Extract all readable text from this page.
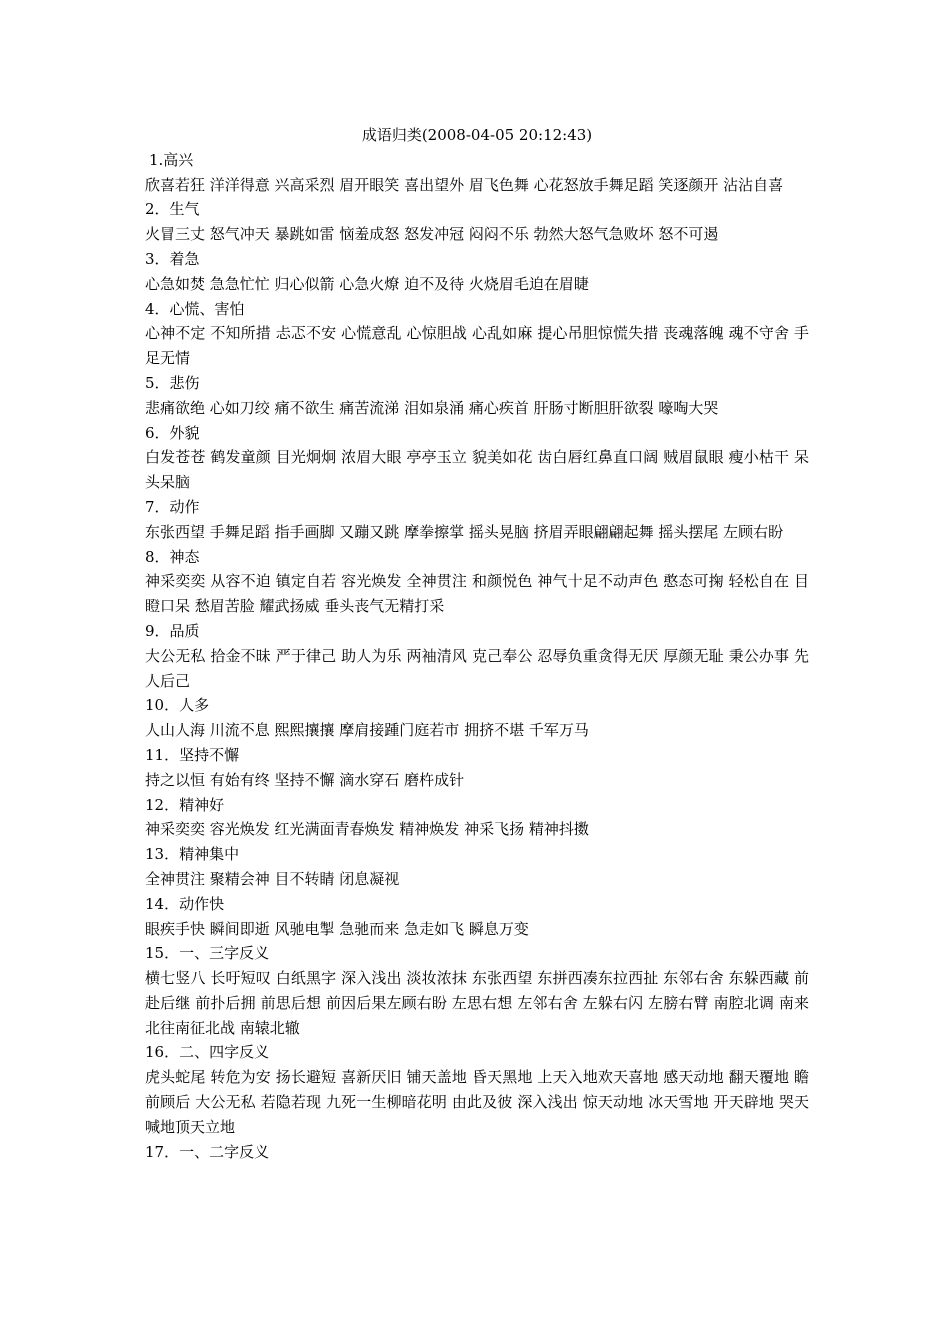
成语归类(2008-04-05 20:12:43)

1.高兴

欣喜若狂 洋洋得意 兴高采烈 眉开眼笑 喜出望外 眉飞色舞 心花怒放手舞足蹈 笑逐颜开 沾沾自喜

2．生气

火冒三丈 怒气冲天 暴跳如雷 恼羞成怒 怒发冲冠 闷闷不乐 勃然大怒气急败坏 怒不可遏

3．着急

心急如焚 急急忙忙 归心似箭 心急火燎 迫不及待 火烧眉毛迫在眉睫

4．心慌、害怕

心神不定 不知所措 忐忑不安 心慌意乱 心惊胆战 心乱如麻 提心吊胆惊慌失措 丧魂落魄 魂不守舍 手足无情

5．悲伤

悲痛欲绝 心如刀绞 痛不欲生 痛苦流涕 泪如泉涌 痛心疾首 肝肠寸断胆肝欲裂 嚎啕大哭

6．外貌

白发苍苍 鹤发童颜 目光炯炯 浓眉大眼 亭亭玉立 貌美如花 齿白唇红鼻直口阔 贼眉鼠眼 瘦小枯干 呆头呆脑

7．动作

东张西望 手舞足蹈 指手画脚 又蹦又跳 摩拳擦掌 摇头晃脑 挤眉弄眼翩翩起舞 摇头摆尾 左顾右盼

8．神态

神采奕奕 从容不迫 镇定自若 容光焕发 全神贯注 和颜悦色 神气十足不动声色 憨态可掬 轻松自在 目瞪口呆 愁眉苦脸 耀武扬威 垂头丧气无精打采

9．品质

大公无私 拾金不昧 严于律己 助人为乐 两袖清风 克己奉公 忍辱负重贪得无厌 厚颜无耻 秉公办事 先人后己

10．人多

人山人海 川流不息 熙熙攘攘 摩肩接踵门庭若市 拥挤不堪 千军万马

11．坚持不懈

持之以恒 有始有终 坚持不懈 滴水穿石 磨杵成针

12．精神好

神采奕奕 容光焕发 红光满面青春焕发 精神焕发 神采飞扬 精神抖擞

13．精神集中

全神贯注 聚精会神 目不转睛 闭息凝视

14．动作快

眼疾手快 瞬间即逝 风驰电掣 急驰而来 急走如飞 瞬息万变

15．一、三字反义

横七竖八 长吁短叹 白纸黑字 深入浅出 淡妆浓抹 东张西望 东拼西凑东拉西扯 东邻右舍 东躲西藏 前赴后继 前扑后拥 前思后想 前因后果左顾右盼 左思右想 左邻右舍 左躲右闪 左膀右臂 南腔北调 南来北往南征北战 南辕北辙

16．二、四字反义

虎头蛇尾 转危为安 扬长避短 喜新厌旧 铺天盖地 昏天黑地 上天入地欢天喜地 感天动地 翻天覆地 瞻前顾后 大公无私 若隐若现 九死一生柳暗花明 由此及彼 深入浅出 惊天动地 冰天雪地 开天辟地 哭天喊地顶天立地

17．一、二字反义
